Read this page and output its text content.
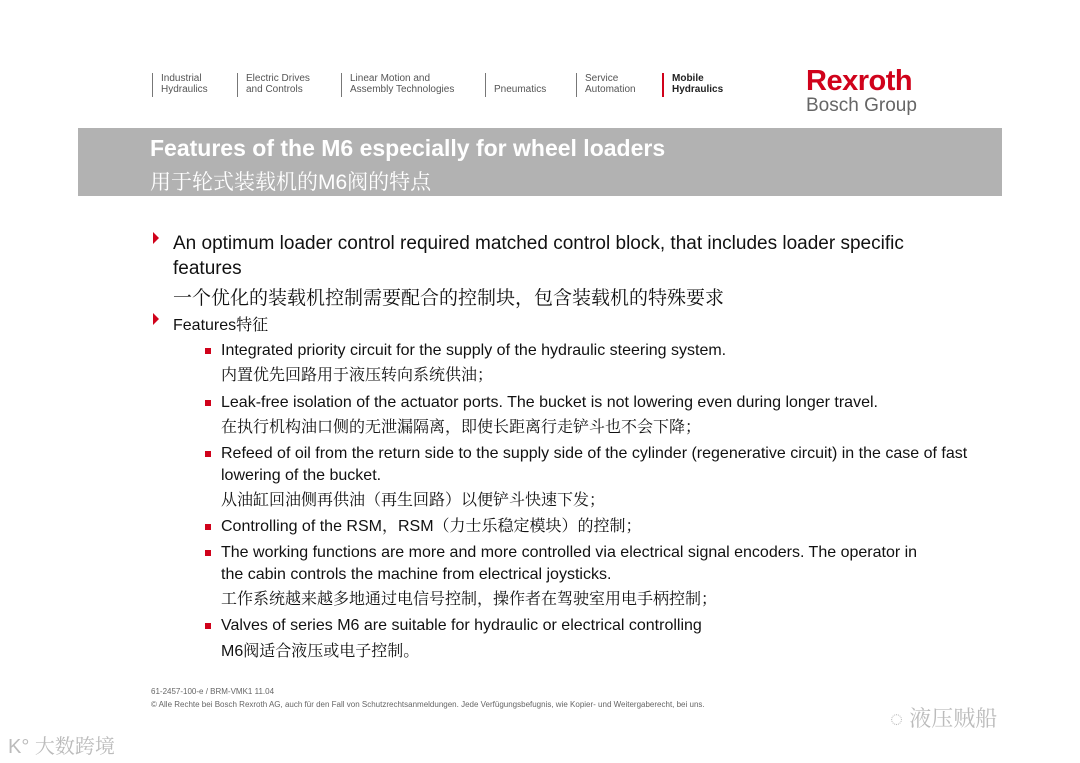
Industrial
Hydraulics
Electric Drives
and Controls
Linear Motion and
Assembly Technologies
	Pneumatics
Service
Automation
Mobile
Hydraulics	Rexroth
Bosch Group
Features of the M6 especially for wheel loaders
用于轮式装载机的M6阀的特点
An optimum loader control required matched control block, that includes loader specific features
一个优化的装载机控制需要配合的控制块，包含装载机的特殊要求
Features特征
Integrated priority circuit for the supply of the hydraulic steering system.
内置优先回路用于液压转向系统供油；
Leak-free isolation of the actuator ports. The bucket is not lowering even during longer travel.
在执行机构油口侧的无泄漏隔离，即使长距离行走铲斗也不会下降；
Refeed of oil from the return side to the supply side of the cylinder (regenerative circuit) in the case of fast lowering of the bucket.
从油缸回油侧再供油（再生回路）以便铲斗快速下发；
Controlling of the RSM，RSM（力士乐稳定模块）的控制；
The working functions are more and more controlled via electrical signal encoders. The operator in the cabin controls the machine from electrical joysticks.
工作系统越来越多地通过电信号控制，操作者在驾驶室用电手柄控制；
Valves of series M6 are suitable for hydraulic or electrical controlling
M6阀适合液压或电子控制。
61-2457-100-e / BRM-VMK1 11.04
© Alle Rechte bei Bosch Rexroth AG, auch für den Fall von Schutzrechtsanmeldungen. Jede Verfügungsbefugnis, wie Kopier- und Weitergaberecht, bei uns.
◌ 液压贼船
K° 大数跨境
